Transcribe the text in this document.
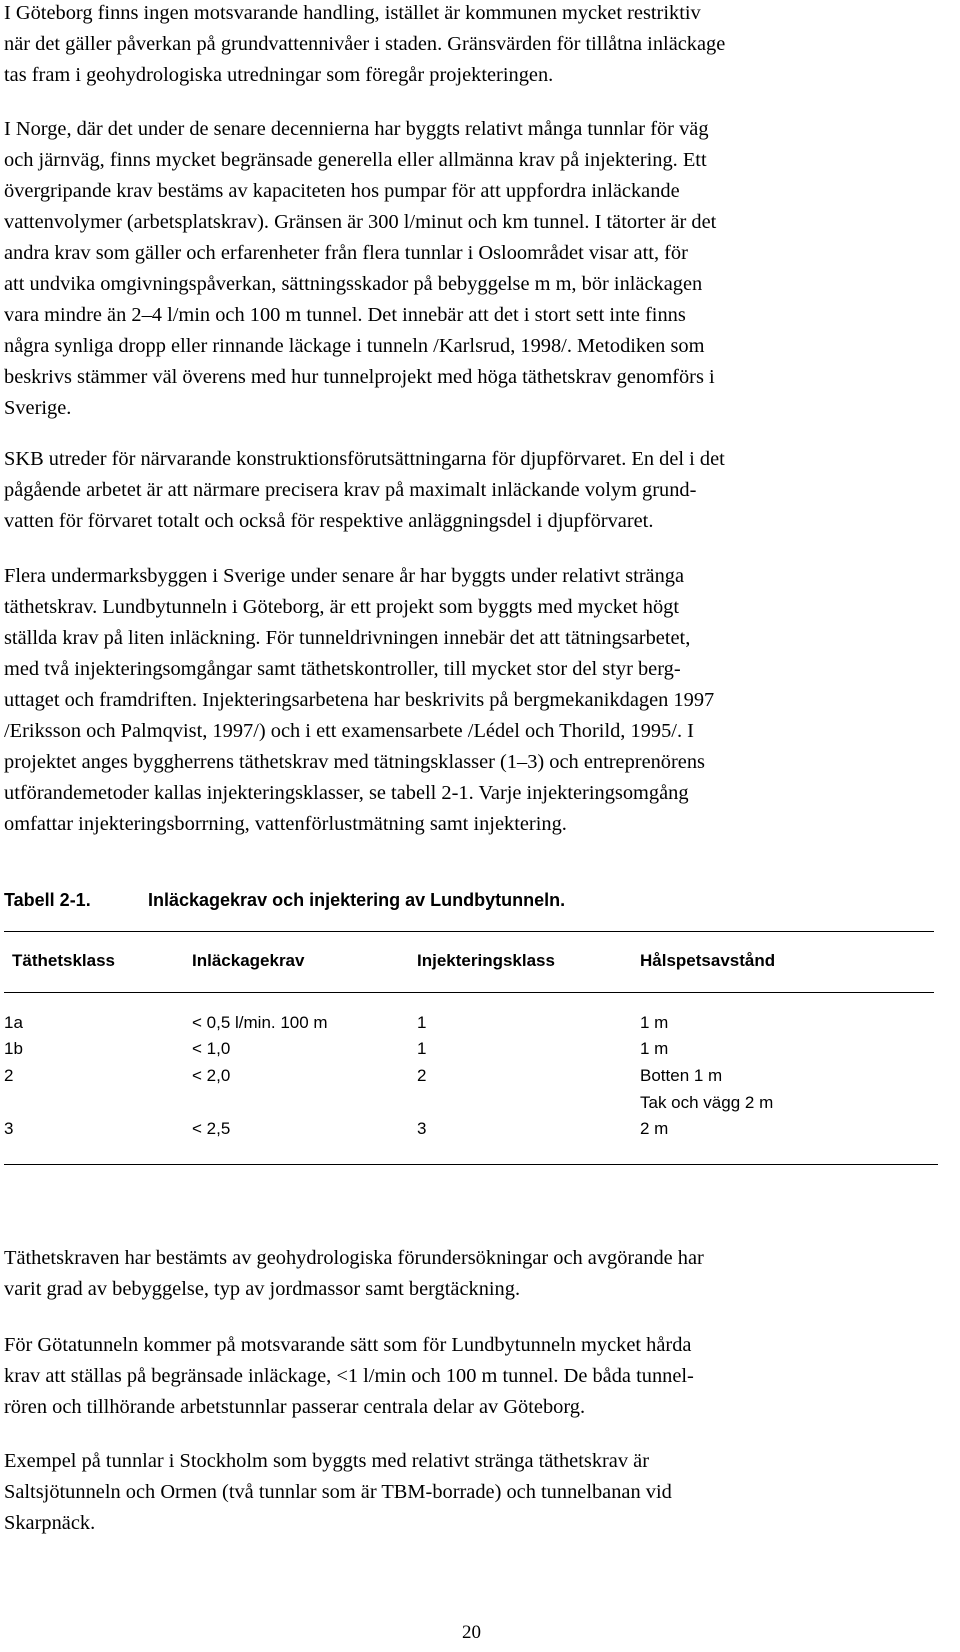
I Göteborg finns ingen motsvarande handling, istället är kommunen mycket restriktiv
när det gäller påverkan på grundvattennivåer i staden. Gränsvärden för tillåtna inläckage
tas fram i geohydrologiska utredningar som föregår projekteringen.
I Norge, där det under de senare decennierna har byggts relativt många tunnlar för väg
och järnväg, finns mycket begränsade generella eller allmänna krav på injektering. Ett
övergripande krav bestäms av kapaciteten hos pumpar för att uppfordra inläckande
vattenvolymer (arbetsplatskrav). Gränsen är 300 l/minut och km tunnel. I tätorter är det
andra krav som gäller och erfarenheter från flera tunnlar i Osloområdet visar att, för
att undvika omgivningspåverkan, sättningsskador på bebyggelse m m, bör inläckagen
vara mindre än 2–4 l/min och 100 m tunnel. Det innebär att det i stort sett inte finns
några synliga dropp eller rinnande läckage i tunneln /Karlsrud, 1998/. Metodiken som
beskrivs stämmer väl överens med hur tunnelprojekt med höga täthetskrav genomförs i
Sverige.
SKB utreder för närvarande konstruktionsförutsättningarna för djupförvaret. En del i det
pågående arbetet är att närmare precisera krav på maximalt inläckande volym grund-
vatten för förvaret totalt och också för respektive anläggningsdel i djupförvaret.
Flera undermarksbyggen i Sverige under senare år har byggts under relativt stränga
täthetskrav. Lundbytunneln i Göteborg, är ett projekt som byggts med mycket högt
ställda krav på liten inläckning. För tunneldrivningen innebär det att tätningsarbetet,
med två injekteringsomgångar samt täthetskontroller, till mycket stor del styr berg-
uttaget och framdriften. Injekteringsarbetena har beskrivits på bergmekanikdagen 1997
/Eriksson och Palmqvist, 1997/) och i ett examensarbete /Lédel och Thorild, 1995/. I
projektet anges byggherrens täthetskrav med tätningsklasser (1–3) och entreprenörens
utförandemetoder kallas injekteringsklasser, se tabell 2-1. Varje injekteringsomgång
omfattar injekteringsborrning, vattenförlustmätning samt injektering.
Tabell 2-1.	Inläckagekrav och injektering av Lundbytunneln.
Täthetsklass	Inläckagekrav	Injekteringsklass	Hålspetsavstånd
1a	< 0,5 l/min. 100 m	1	1 m
1b	< 1,0	1	1 m
2	< 2,0	2	Botten 1 m
Tak och vägg 2 m
3	< 2,5	3	2 m
Täthetskraven har bestämts av geohydrologiska förundersökningar och avgörande har
varit grad av bebyggelse, typ av jordmassor samt bergtäckning.
För Götatunneln kommer på motsvarande sätt som för Lundbytunneln mycket hårda
krav att ställas på begränsade inläckage, <1 l/min och 100 m tunnel. De båda tunnel-
rören och tillhörande arbetstunnlar passerar centrala delar av Göteborg.
Exempel på tunnlar i Stockholm som byggts med relativt stränga täthetskrav är
Saltsjötunneln och Ormen (två tunnlar som är TBM-borrade) och tunnelbanan vid
Skarpnäck.
20
